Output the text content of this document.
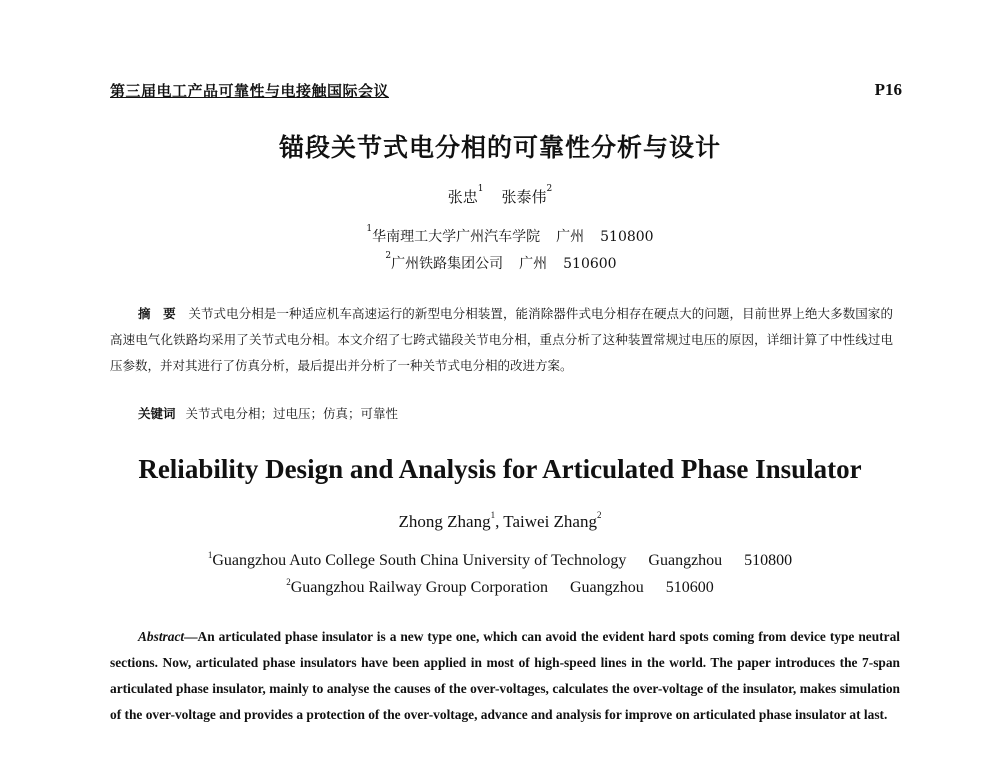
第三届电工产品可靠性与电接触国际会议	P16
锚段关节式电分相的可靠性分析与设计
张忠$^1$ 张泰伟$^2$
$^1$华南理工大学广州汽车学院 广州 510800
$^2$广州铁路集团公司 广州 510600
摘　要　 关节式电分相是一种适应机车高速运行的新型电分相装置，能消除器件式电分相存在硬点大的问题，目前世界上绝大多数国家的高速电气化铁路均采用了关节式电分相。本文介绍了七跨式锚段关节电分相，重点分析了这种装置常规过电压的原因，详细计算了中性线过电压参数，并对其进行了仿真分析，最后提出并分析了一种关节式电分相的改进方案。
关键词 关节式电分相；过电压；仿真；可靠性
Reliability Design and Analysis for Articulated Phase Insulator
Zhong Zhang$^1$, Taiwei Zhang$^2$
$^1$Guangzhou Auto College South China University of Technology Guangzhou 510800
$^2$Guangzhou Railway Group Corporation Guangzhou 510600
Abstract—An articulated phase insulator is a new type one, which can avoid the evident hard spots coming from device type neutral sections. Now, articulated phase insulators have been applied in most of high-speed lines in the world. The paper introduces the 7-span articulated phase insulator, mainly to analyse the causes of the over-voltages, calculates the over-voltage of the insulator, makes simulation of the over-voltage and provides a protection of the over-voltage, advance and analysis for improve on articulated phase insulator at last.
